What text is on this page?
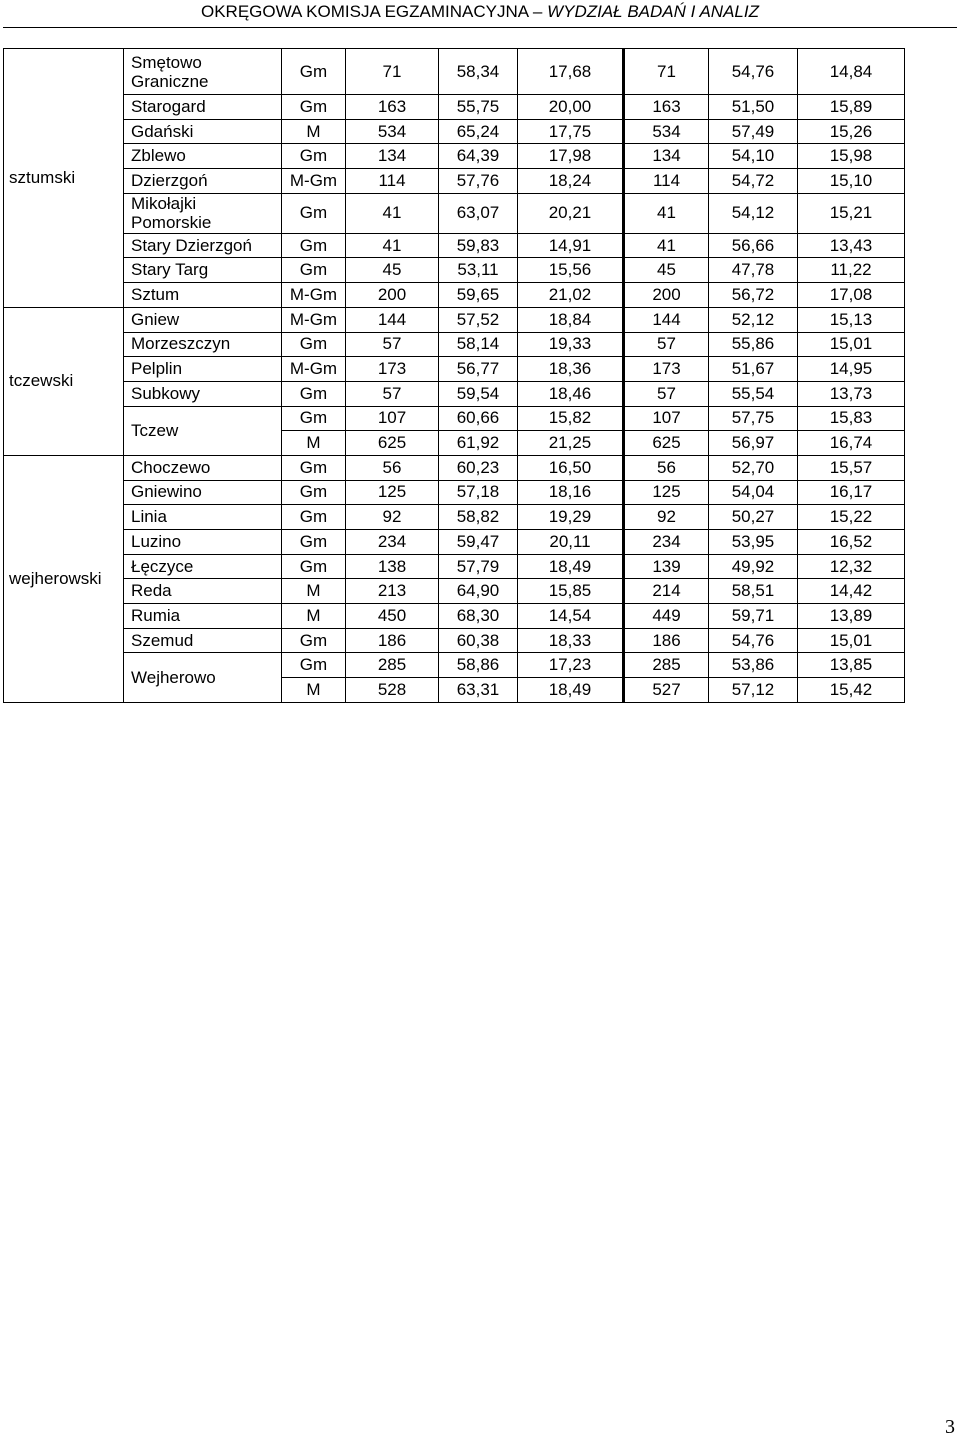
OKRĘGOWA KOMISJA EGZAMINACYJNA – WYDZIAŁ BADAŃ I ANALIZ
sztumski	Smętowo Graniczne	Gm	71	58,34	17,68	71	54,76	14,84
	Starogard	Gm	163	55,75	20,00	163	51,50	15,89
	Gdański	M	534	65,24	17,75	534	57,49	15,26
	Zblewo	Gm	134	64,39	17,98	134	54,10	15,98
	Dzierzgoń	M-Gm	114	57,76	18,24	114	54,72	15,10
	Mikołajki Pomorskie	Gm	41	63,07	20,21	41	54,12	15,21
	Stary Dzierzgoń	Gm	41	59,83	14,91	41	56,66	13,43
	Stary Targ	Gm	45	53,11	15,56	45	47,78	11,22
	Sztum	M-Gm	200	59,65	21,02	200	56,72	17,08
tczewski	Gniew	M-Gm	144	57,52	18,84	144	52,12	15,13
	Morzeszczyn	Gm	57	58,14	19,33	57	55,86	15,01
	Pelplin	M-Gm	173	56,77	18,36	173	51,67	14,95
	Subkowy	Gm	57	59,54	18,46	57	55,54	13,73
	Tczew	Gm	107	60,66	15,82	107	57,75	15,83
		M	625	61,92	21,25	625	56,97	16,74
wejherowski	Choczewo	Gm	56	60,23	16,50	56	52,70	15,57
	Gniewino	Gm	125	57,18	18,16	125	54,04	16,17
	Linia	Gm	92	58,82	19,29	92	50,27	15,22
	Luzino	Gm	234	59,47	20,11	234	53,95	16,52
	Łęczyce	Gm	138	57,79	18,49	139	49,92	12,32
	Reda	M	213	64,90	15,85	214	58,51	14,42
	Rumia	M	450	68,30	14,54	449	59,71	13,89
	Szemud	Gm	186	60,38	18,33	186	54,76	15,01
	Wejherowo	Gm	285	58,86	17,23	285	53,86	13,85
		M	528	63,31	18,49	527	57,12	15,42
3
